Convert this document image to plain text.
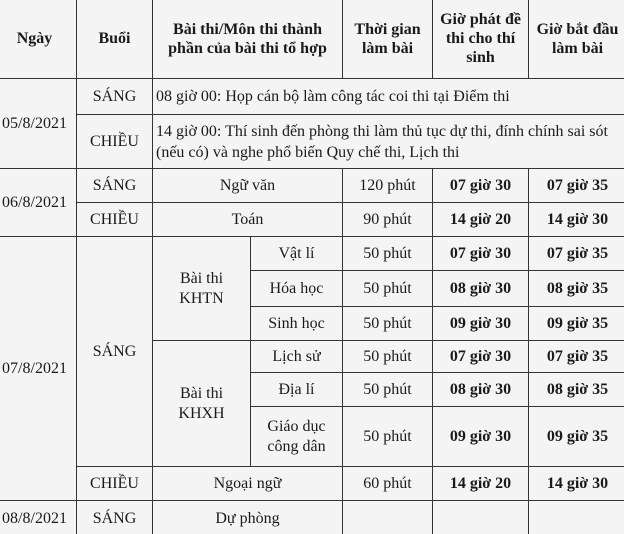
Ngày	Buổi	Bài thi/Môn thi thành phần của bài thi tổ hợp		Thời gian làm bài	Giờ phát đề thi cho thí sinh	Giờ bắt đầu làm bài
05/8/2021	SÁNG	08 giờ 00: Họp cán bộ làm công tác coi thi tại Điểm thi				
	CHIỀU	14 giờ 00: Thí sinh đến phòng thi làm thủ tục dự thi, đính chính sai sót (nếu có) và nghe phổ biến Quy chế thi, Lịch thi				
06/8/2021	SÁNG	Ngữ văn		120 phút	07 giờ 30	07 giờ 35
	CHIỀU	Toán		90 phút	14 giờ 20	14 giờ 30
07/8/2021	SÁNG	Bài thi KHTN	Vật lí	50 phút	07 giờ 30	07 giờ 35
			Hóa học	50 phút	08 giờ 30	08 giờ 35
			Sinh học	50 phút	09 giờ 30	09 giờ 35
		Bài thi KHXH	Lịch sử	50 phút	07 giờ 30	07 giờ 35
			Địa lí	50 phút	08 giờ 30	08 giờ 35
			Giáo dục công dân	50 phút	09 giờ 30	09 giờ 35
	CHIỀU	Ngoại ngữ		60 phút	14 giờ 20	14 giờ 30
08/8/2021	SÁNG	Dự phòng				
